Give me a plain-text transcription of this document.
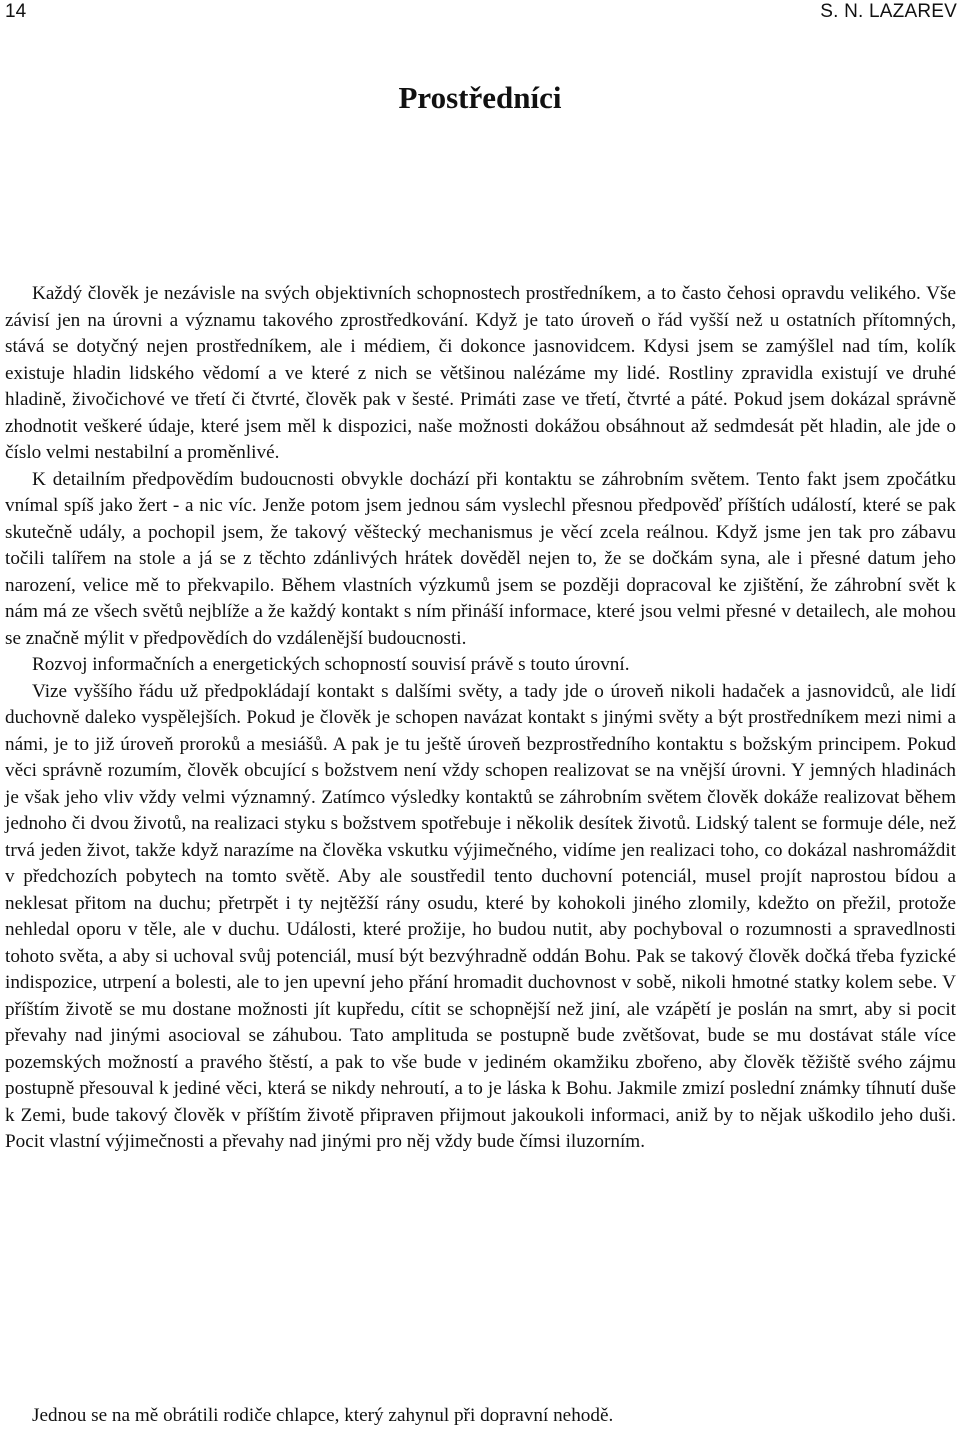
14	S. N. LAZAREV
Prostředníci

Každý člověk je nezávisle na svých objektivních schopnostech prostředníkem, a to často čehosi opravdu velikého. Vše závisí jen na úrovni a významu takového zprostředkování. Když je tato úroveň o řád vyšší než u ostatních přítomných, stává se dotyčný nejen prostředníkem, ale i médiem, či dokonce jasnovidcem. Kdysi jsem se zamýšlel nad tím, kolík existuje hladin lidského vědomí a ve které z nich se většinou nalézáme my lidé. Rostliny zpravidla existují ve druhé hladině, živočichové ve třetí či čtvrté, člověk pak v šesté. Primáti zase ve třetí, čtvrté a páté. Pokud jsem dokázal správně zhodnotit veškeré údaje, které jsem měl k dispozici, naše možnosti dokážou obsáhnout až sedmdesát pět hladin, ale jde o číslo velmi nestabilní a proměnlivé.

K detailním předpovědím budoucnosti obvykle dochází při kontaktu se záhrobním světem. Tento fakt jsem zpočátku vnímal spíš jako žert - a nic víc. Jenže potom jsem jednou sám vyslechl přesnou předpověď příštích událostí, které se pak skutečně udály, a pochopil jsem, že takový věštecký mechanismus je věcí zcela reálnou. Když jsme jen tak pro zábavu točili talířem na stole a já se z těchto zdánlivých hrátek dověděl nejen to, že se dočkám syna, ale i přesné datum jeho narození, velice mě to překvapilo. Během vlastních výzkumů jsem se později dopracoval ke zjištění, že záhrobní svět k nám má ze všech světů nejblíže a že každý kontakt s ním přináší informace, které jsou velmi přesné v detailech, ale mohou se značně mýlit v předpovědích do vzdálenější budoucnosti.

Rozvoj informačních a energetických schopností souvisí právě s touto úrovní.

Vize vyššího řádu už předpokládají kontakt s dalšími světy, a tady jde o úroveň nikoli hadaček a jasnovidců, ale lidí duchovně daleko vyspělejších. Pokud je člověk je schopen navázat kontakt s jinými světy a být prostředníkem mezi nimi a námi, je to již úroveň proroků a mesiášů. A pak je tu ještě úroveň bezprostředního kontaktu s božským principem. Pokud věci správně rozumím, člověk obcující s božstvem není vždy schopen realizovat se na vnější úrovni. Y jemných hladinách je však jeho vliv vždy velmi významný. Zatímco výsledky kontaktů se záhrobním světem člověk dokáže realizovat během jednoho či dvou životů, na realizaci styku s božstvem spotřebuje i několik desítek životů. Lidský talent se formuje déle, než trvá jeden život, takže když narazíme na člověka vskutku výjimečného, vidíme jen realizaci toho, co dokázal nashromáždit v předchozích pobytech na tomto světě. Aby ale soustředil tento duchovní potenciál, musel projít naprostou bídou a neklesat přitom na duchu; přetrpět i ty nejtěžší rány osudu, které by kohokoli jiného zlomily, kdežto on přežil, protože nehledal oporu v těle, ale v duchu. Události, které prožije, ho budou nutit, aby pochyboval o rozumnosti a spravedlnosti tohoto světa, a aby si uchoval svůj potenciál, musí být bezvýhradně oddán Bohu. Pak se takový člověk dočká třeba fyzické indispozice, utrpení a bolesti, ale to jen upevní jeho přání hromadit duchovnost v sobě, nikoli hmotné statky kolem sebe. V příštím životě se mu dostane možnosti jít kupředu, cítit se schopnější než jiní, ale vzápětí je poslán na smrt, aby si pocit převahy nad jinými asocioval se záhubou. Tato amplituda se postupně bude zvětšovat, bude se mu dostávat stále více pozemských možností a pravého štěstí, a pak to vše bude v jediném okamžiku zbořeno, aby člověk těžiště svého zájmu postupně přesouval k jediné věci, která se nikdy nehroutí, a to je láska k Bohu. Jakmile zmizí poslední známky tíhnutí duše k Zemi, bude takový člověk v příštím životě připraven přijmout jakoukoli informaci, aniž by to nějak uškodilo jeho duši. Pocit vlastní výjimečnosti a převahy nad jinými pro něj vždy bude čímsi iluzorním.

Jednou se na mě obrátili rodiče chlapce, který zahynul při dopravní nehodě.
